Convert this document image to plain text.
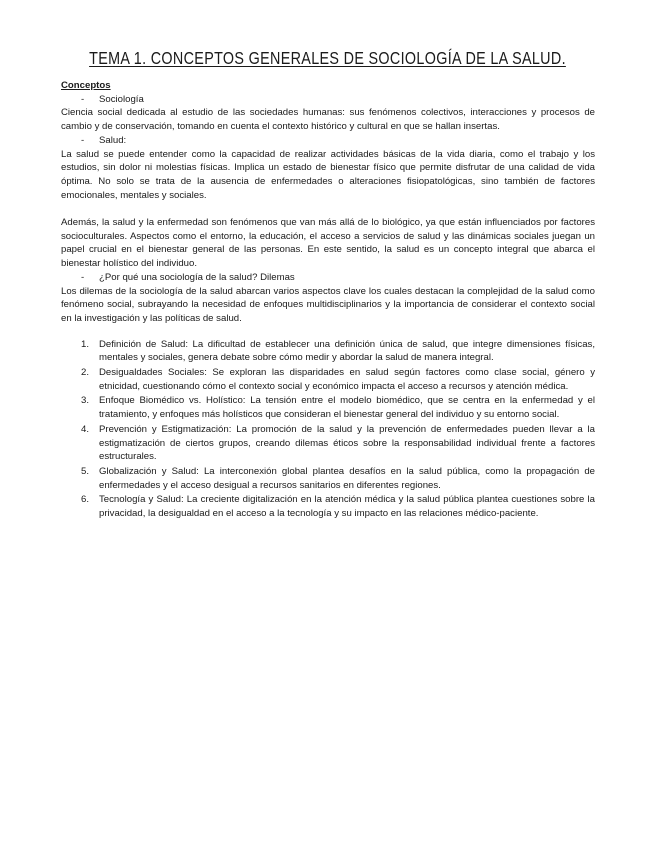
TEMA 1. CONCEPTOS GENERALES DE SOCIOLOGÍA DE LA SALUD.

Conceptos

- Sociología

Ciencia social dedicada al estudio de las sociedades humanas: sus fenómenos colectivos, interacciones y procesos de cambio y de conservación, tomando en cuenta el contexto histórico y cultural en que se hallan insertas.

- Salud:

La salud se puede entender como la capacidad de realizar actividades básicas de la vida diaria, como el trabajo y los estudios, sin dolor ni molestias físicas. Implica un estado de bienestar físico que permite disfrutar de una calidad de vida óptima. No solo se trata de la ausencia de enfermedades o alteraciones fisiopatológicas, sino también de factores emocionales, mentales y sociales.

Además, la salud y la enfermedad son fenómenos que van más allá de lo biológico, ya que están influenciados por factores socioculturales. Aspectos como el entorno, la educación, el acceso a servicios de salud y las dinámicas sociales juegan un papel crucial en el bienestar general de las personas. En este sentido, la salud es un concepto integral que abarca el bienestar holístico del individuo.

- ¿Por qué una sociología de la salud? Dilemas

Los dilemas de la sociología de la salud abarcan varios aspectos clave los cuales destacan la complejidad de la salud como fenómeno social, subrayando la necesidad de enfoques multidisciplinarios y la importancia de considerar el contexto social en la investigación y las políticas de salud.

1. Definición de Salud: La dificultad de establecer una definición única de salud, que integre dimensiones físicas, mentales y sociales, genera debate sobre cómo medir y abordar la salud de manera integral.
2. Desigualdades Sociales: Se exploran las disparidades en salud según factores como clase social, género y etnicidad, cuestionando cómo el contexto social y económico impacta el acceso a recursos y atención médica.
3. Enfoque Biomédico vs. Holístico: La tensión entre el modelo biomédico, que se centra en la enfermedad y el tratamiento, y enfoques más holísticos que consideran el bienestar general del individuo y su entorno social.
4. Prevención y Estigmatización: La promoción de la salud y la prevención de enfermedades pueden llevar a la estigmatización de ciertos grupos, creando dilemas éticos sobre la responsabilidad individual frente a factores estructurales.
5. Globalización y Salud: La interconexión global plantea desafíos en la salud pública, como la propagación de enfermedades y el acceso desigual a recursos sanitarios en diferentes regiones.
6. Tecnología y Salud: La creciente digitalización en la atención médica y la salud pública plantea cuestiones sobre la privacidad, la desigualdad en el acceso a la tecnología y su impacto en las relaciones médico-paciente.
